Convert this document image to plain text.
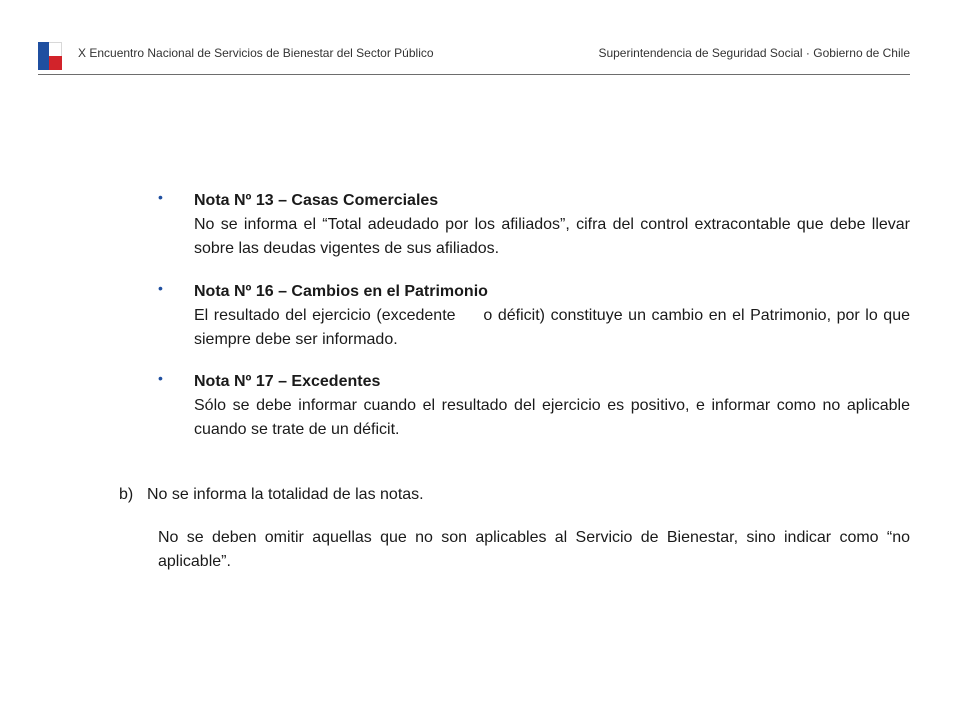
X Encuentro Nacional de Servicios de Bienestar del Sector Público	Superintendencia de Seguridad Social · Gobierno de Chile
• Nota Nº 13 – Casas Comerciales
No se informa el “Total adeudado por los afiliados”, cifra del control extracontable que debe llevar sobre las deudas vigentes de sus afiliados.
• Nota Nº 16 – Cambios en el Patrimonio
El resultado del ejercicio (excedente     o déficit) constituye un cambio en el Patrimonio, por lo que siempre debe ser informado.
• Nota Nº 17 – Excedentes
Sólo se debe informar cuando el resultado del ejercicio es positivo, e informar como no aplicable cuando se trate de un déficit.
b) No se informa la totalidad de las notas.
No se deben omitir aquellas que no son aplicables al Servicio de Bienestar, sino indicar como “no aplicable”.
